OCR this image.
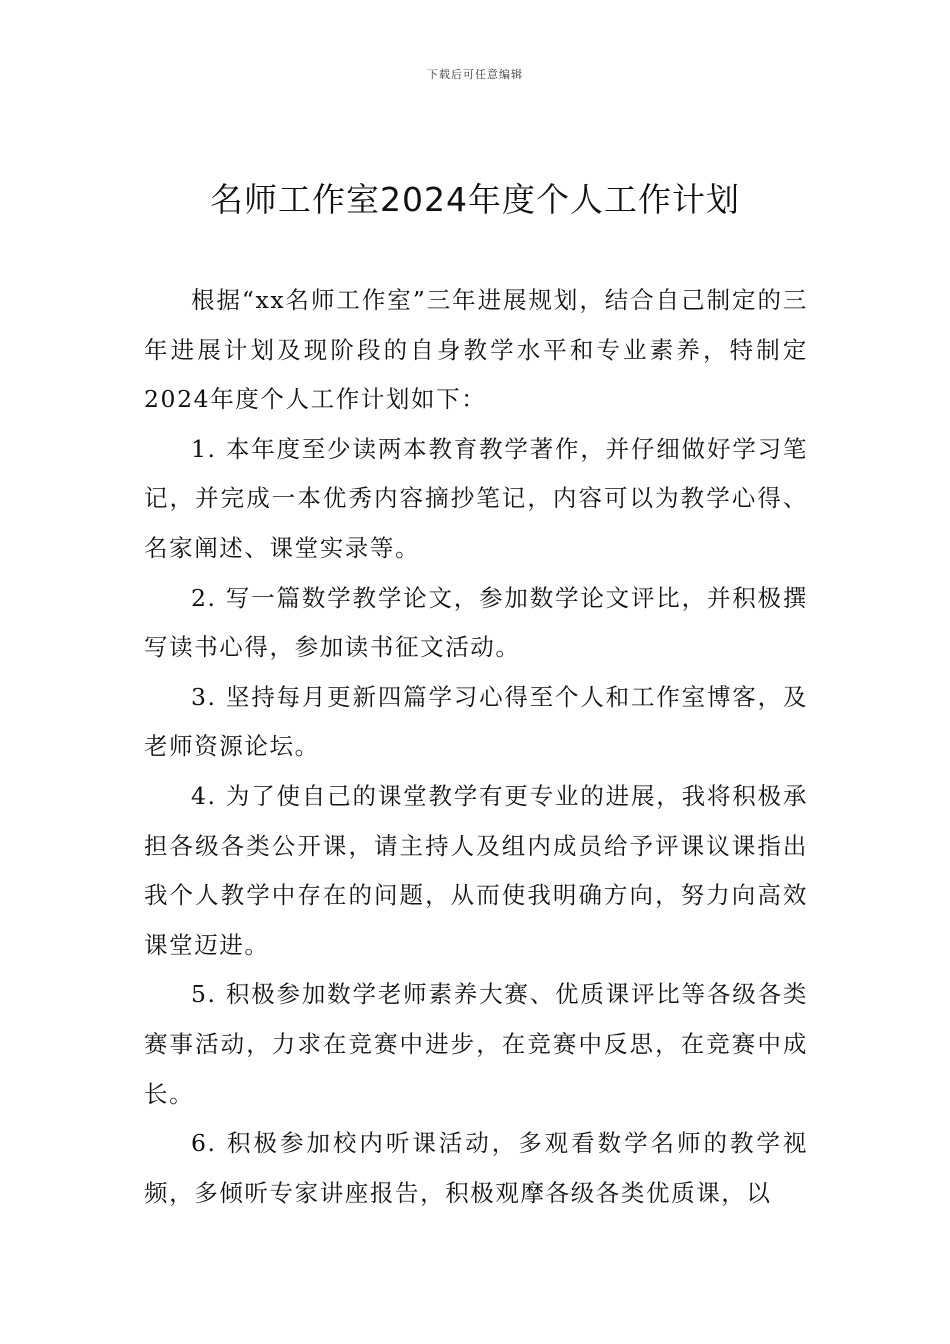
下载后可任意编辑
名师工作室2024年度个人工作计划

根据“xx名师工作室”三年进展规划，结合自己制定的三年进展计划及现阶段的自身教学水平和专业素养，特制定2024年度个人工作计划如下：

1. 本年度至少读两本教育教学著作，并仔细做好学习笔记，并完成一本优秀内容摘抄笔记，内容可以为教学心得、名家阐述、课堂实录等。

2. 写一篇数学教学论文，参加数学论文评比，并积极撰写读书心得，参加读书征文活动。

3. 坚持每月更新四篇学习心得至个人和工作室博客，及老师资源论坛。

4. 为了使自己的课堂教学有更专业的进展，我将积极承担各级各类公开课，请主持人及组内成员给予评课议课指出我个人教学中存在的问题，从而使我明确方向，努力向高效课堂迈进。

5. 积极参加数学老师素养大赛、优质课评比等各级各类赛事活动，力求在竞赛中进步，在竞赛中反思，在竞赛中成长。

6. 积极参加校内听课活动，多观看数学名师的教学视频，多倾听专家讲座报告，积极观摩各级各类优质课，以
